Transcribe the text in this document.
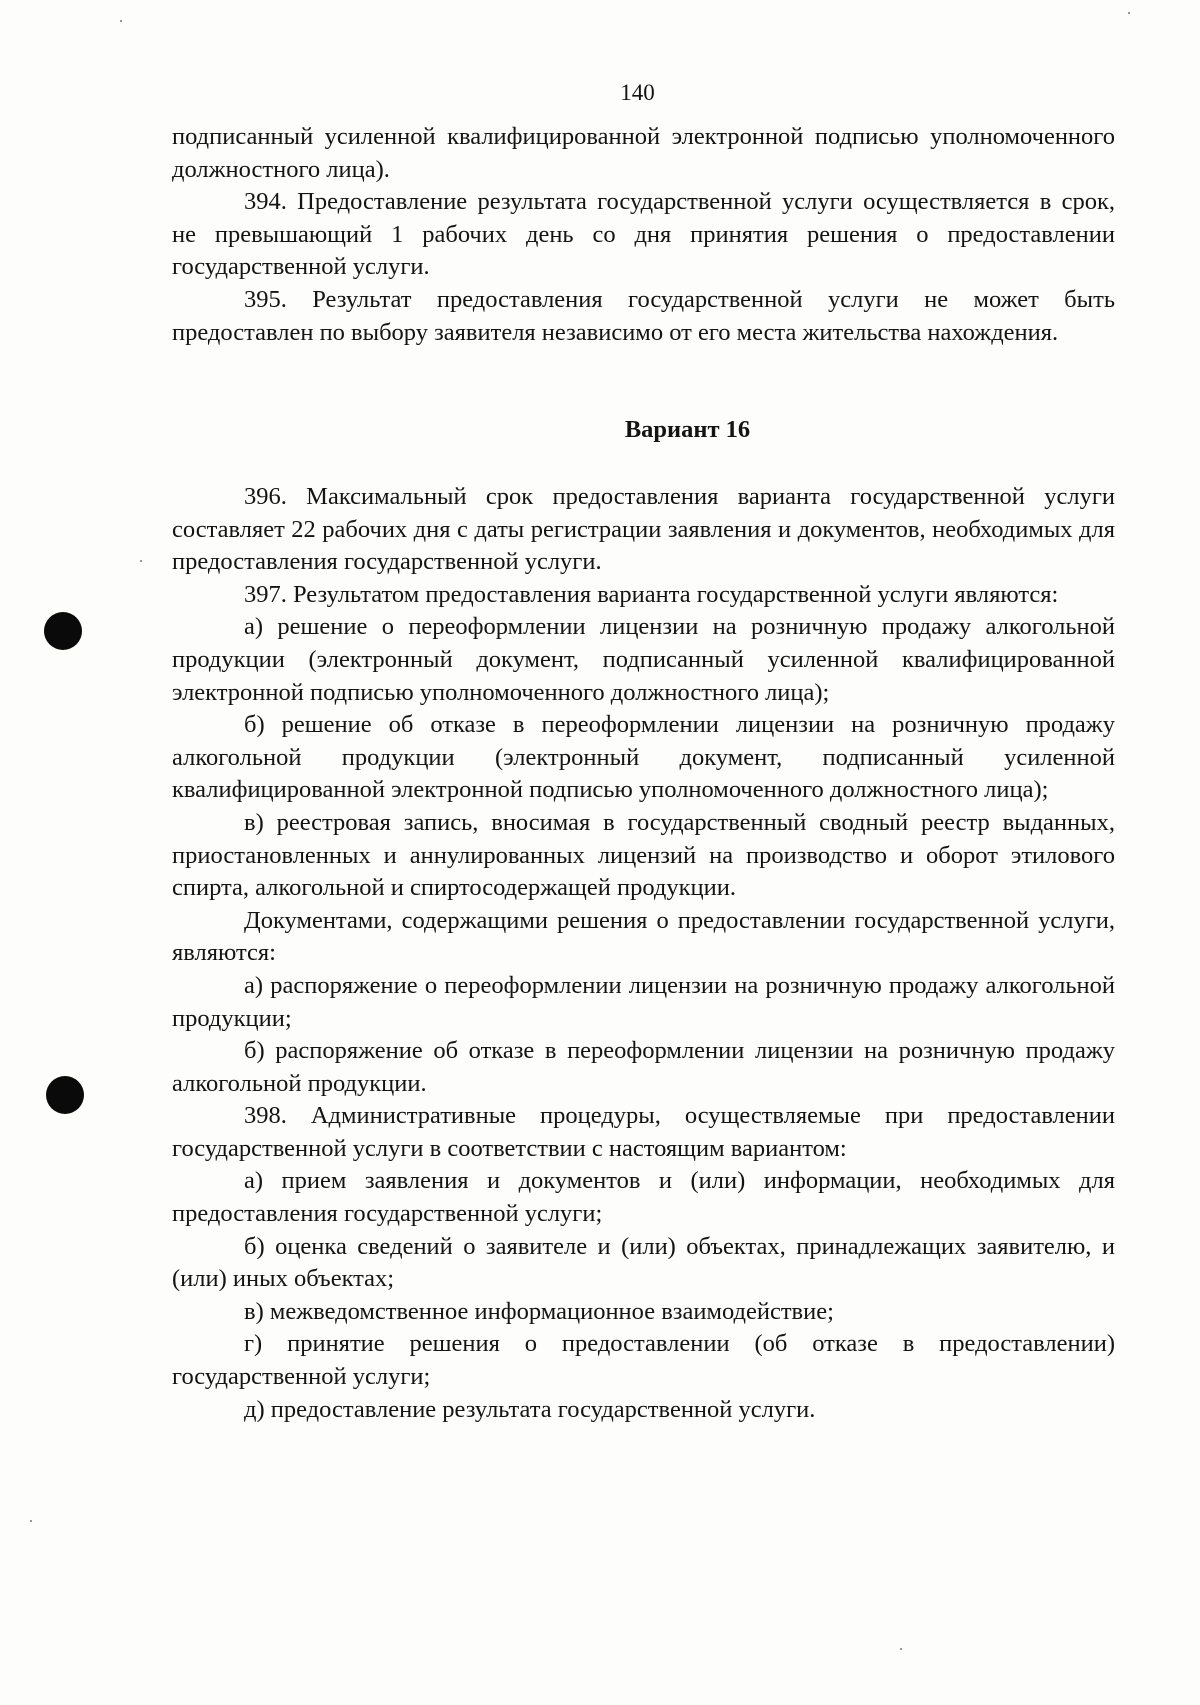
140

подписанный усиленной квалифицированной электронной подписью уполномоченного должностного лица).

394. Предоставление результата государственной услуги осуществляется в срок, не превышающий 1 рабочих день со дня принятия решения о предоставлении государственной услуги.

395. Результат предоставления государственной услуги не может быть предоставлен по выбору заявителя независимо от его места жительства нахождения.

Вариант 16

396. Максимальный срок предоставления варианта государственной услуги составляет 22 рабочих дня с даты регистрации заявления и документов, необходимых для предоставления государственной услуги.

397. Результатом предоставления варианта государственной услуги являются:

а) решение о переоформлении лицензии на розничную продажу алкогольной продукции (электронный документ, подписанный усиленной квалифицированной электронной подписью уполномоченного должностного лица);

б) решение об отказе в переоформлении лицензии на розничную продажу алкогольной продукции (электронный документ, подписанный усиленной квалифицированной электронной подписью уполномоченного должностного лица);

в) реестровая запись, вносимая в государственный сводный реестр выданных, приостановленных и аннулированных лицензий на производство и оборот этилового спирта, алкогольной и спиртосодержащей продукции.

Документами, содержащими решения о предоставлении государственной услуги, являются:

а) распоряжение о переоформлении лицензии на розничную продажу алкогольной продукции;

б) распоряжение об отказе в переоформлении лицензии на розничную продажу алкогольной продукции.

398. Административные процедуры, осуществляемые при предоставлении государственной услуги в соответствии с настоящим вариантом:

а) прием заявления и документов и (или) информации, необходимых для предоставления государственной услуги;

б) оценка сведений о заявителе и (или) объектах, принадлежащих заявителю, и (или) иных объектах;

в) межведомственное информационное взаимодействие;

г) принятие решения о предоставлении (об отказе в предоставлении) государственной услуги;

д) предоставление результата государственной услуги.
